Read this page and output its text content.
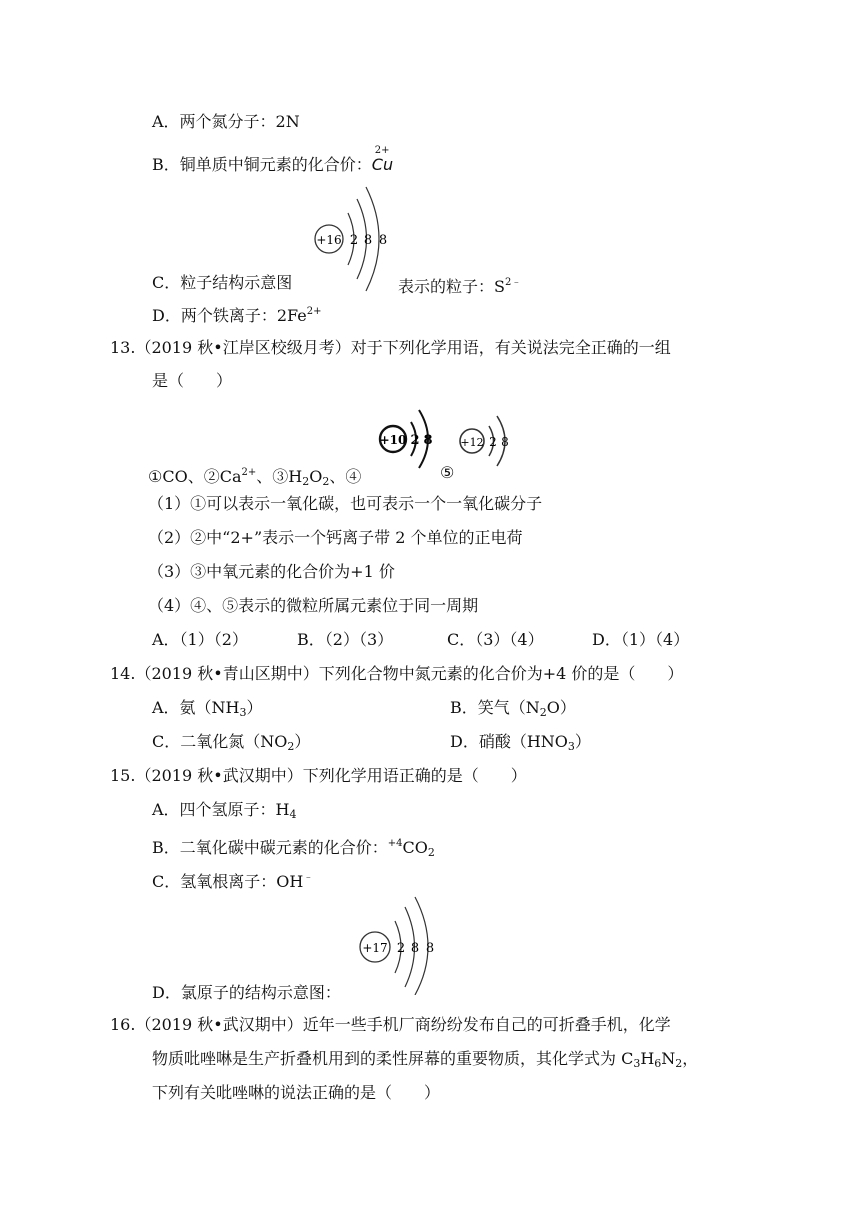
A．两个氮分子：2N
B．铜单质中铜元素的化合价：
2+
Cu
+16 2 8 8
C．粒子结构示意图	表示的粒子：$S^{2﹣}$
D．两个铁离子：$2Fe^{2+}$
13.（2019 秋•江岸区校级月考）对于下列化学用语，有关说法完全正确的一组
是（　　）
+10 2 8	+12 2 8
①CO、$②Ca^{2+}$、$③H_2O_2$、④	⑤
（1）①可以表示一氧化碳，也可表示一个一氧化碳分子
（2）②中“2+”表示一个钙离子带 2 个单位的正电荷
（3）③中氧元素的化合价为+1 价
（4）④、⑤表示的微粒所属元素位于同一周期
A．（1）（2）	B．（2）（3）	C．（3）（4）	D．（1）（4）
14.（2019 秋•青山区期中）下列化合物中氮元素的化合价为+4 价的是（　　）
A．氨$(NH_3)$	B．笑气$(N_2O)$
C．二氧化氮$(NO_2)$	D．硝酸$(HNO_3)$
15.（2019 秋•武汉期中）下列化学用语正确的是（　　）
A．四个氢原子：$H_4$
B．二氧化碳中碳元素的化合价：$^{+4}CO_2$
C．氢氧根离子：OH﹣
+17 2 8 8
D．氯原子的结构示意图：
16.（2019 秋•武汉期中）近年一些手机厂商纷纷发布自己的可折叠手机，化学
物质吡唑啉是生产折叠机用到的柔性屏幕的重要物质，其化学式为 $C_3H_6N_2$，
下列有关吡唑啉的说法正确的是（　　）
